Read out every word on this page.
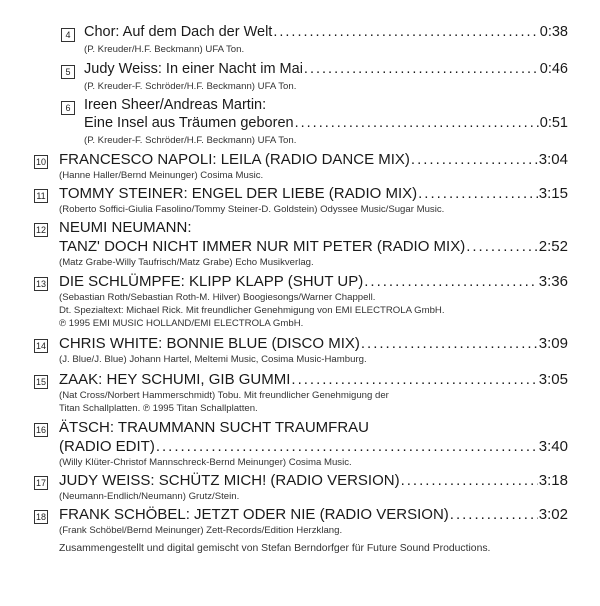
4 Chor: Auf dem Dach der Welt .....	0:38
(P. Kreuder/H.F. Beckmann) UFA Ton.
5 Judy Weiss: In einer Nacht im Mai .....	0:46
(P. Kreuder-F. Schröder/H.F. Beckmann) UFA Ton.
6 Ireen Sheer/Andreas Martin:
Eine Insel aus Träumen geboren .....	0:51
(P. Kreuder-F. Schröder/H.F. Beckmann) UFA Ton.
10 FRANCESCO NAPOLI: LEILA (RADIO DANCE MIX) .....	3:04
(Hanne Haller/Bernd Meinunger) Cosima Music.
11 TOMMY STEINER: ENGEL DER LIEBE (RADIO MIX) .....	3:15
(Roberto Soffici-Giulia Fasolino/Tommy Steiner-D. Goldstein) Odyssee Music/Sugar Music.
12 NEUMI NEUMANN:
TANZ' DOCH NICHT IMMER NUR MIT PETER (RADIO MIX) .....	2:52
(Matz Grabe-Willy Taufrisch/Matz Grabe) Echo Musikverlag.
13 DIE SCHLÜMPFE: KLIPP KLAPP (SHUT UP) .....	3:36
(Sebastian Roth/Sebastian Roth-M. Hilver) Boogiesongs/Warner Chappell.
Dt. Spezialtext: Michael Rick. Mit freundlicher Genehmigung von EMI ELECTROLA GmbH.
℗ 1995 EMI MUSIC HOLLAND/EMI ELECTROLA GmbH.
14 CHRIS WHITE: BONNIE BLUE (DISCO MIX) .....	3:09
(J. Blue/J. Blue) Johann Hartel, Meltemi Music, Cosima Music-Hamburg.
15 ZAAK: HEY SCHUMI, GIB GUMMI .....	3:05
(Nat Cross/Norbert Hammerschmidt) Tobu. Mit freundlicher Genehmigung der
Titan Schallplatten. ℗ 1995 Titan Schallplatten.
16 ÄTSCH: TRAUMMANN SUCHT TRAUMFRAU
(RADIO EDIT) .....	3:40
(Willy Klüter-Christof Mannschreck-Bernd Meinunger) Cosima Music.
17 JUDY WEISS: SCHÜTZ MICH! (RADIO VERSION) .....	3:18
(Neumann-Endlich/Neumann) Grutz/Stein.
18 FRANK SCHÖBEL: JETZT ODER NIE (RADIO VERSION) .....	3:02
(Frank Schöbel/Bernd Meinunger) Zett-Records/Edition Herzklang.
Zusammengestellt und digital gemischt von Stefan Berndorfger für Future Sound Productions.
